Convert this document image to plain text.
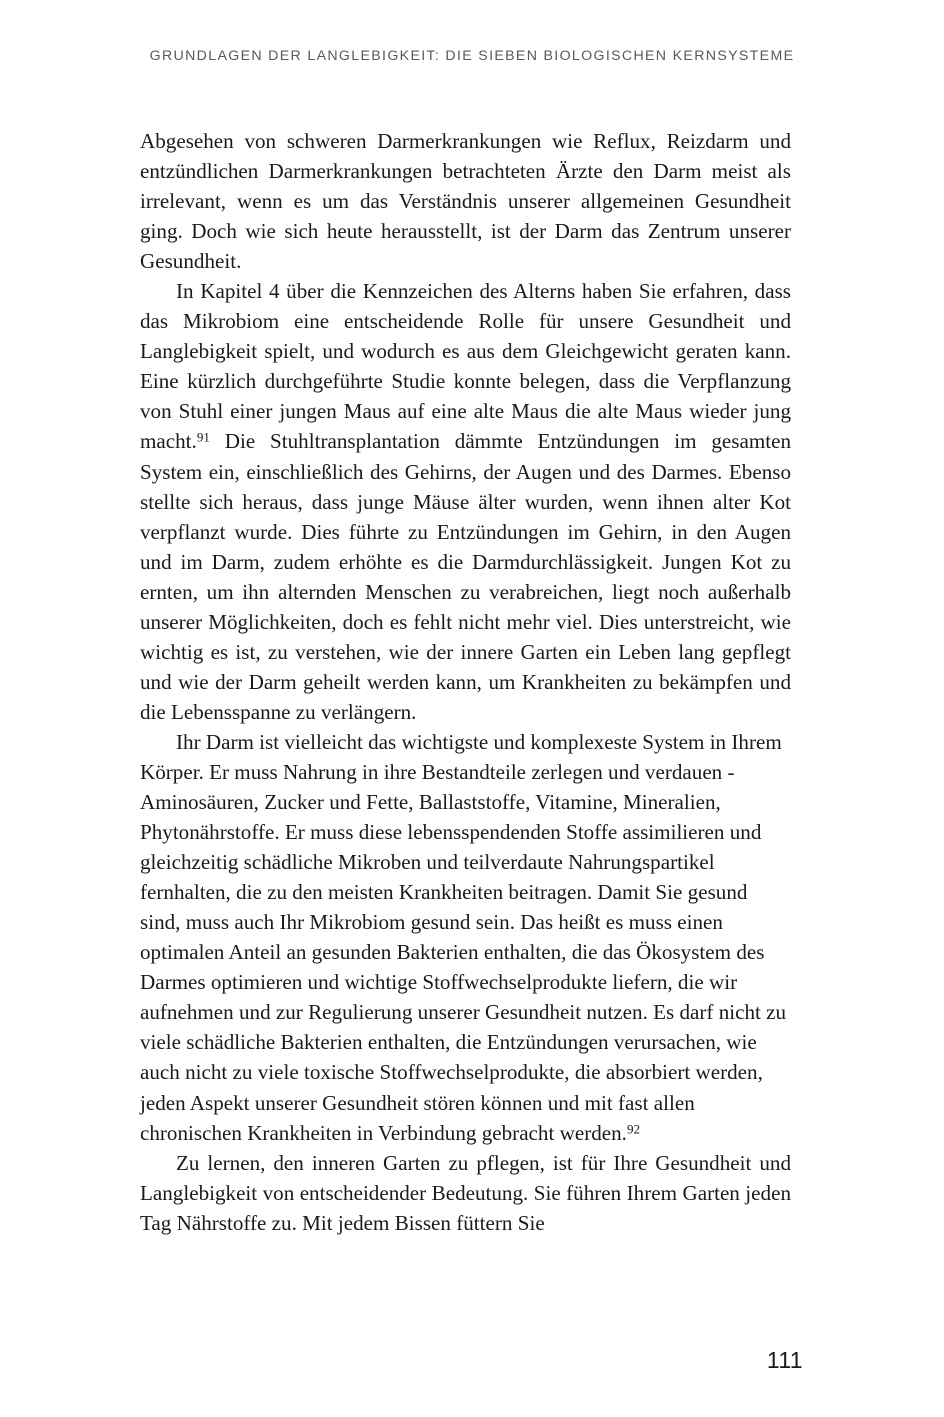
GRUNDLAGEN DER LANGLEBIGKEIT: DIE SIEBEN BIOLOGISCHEN KERNSYSTEME

Abgesehen von schweren Darmerkrankungen wie Reflux, Reizdarm und entzündlichen Darmerkrankungen betrachteten Ärzte den Darm meist als irrelevant, wenn es um das Verständnis unserer allgemeinen Gesundheit ging. Doch wie sich heute herausstellt, ist der Darm das Zentrum unserer Gesundheit.

In Kapitel 4 über die Kennzeichen des Alterns haben Sie erfahren, dass das Mikrobiom eine entscheidende Rolle für unsere Gesundheit und Langlebigkeit spielt, und wodurch es aus dem Gleichgewicht geraten kann. Eine kürzlich durchgeführte Studie konnte belegen, dass die Verpflanzung von Stuhl einer jungen Maus auf eine alte Maus die alte Maus wieder jung macht.$^{91}$ Die Stuhltransplantation dämmte Entzündungen im gesamten System ein, einschließlich des Gehirns, der Augen und des Darmes. Ebenso stellte sich heraus, dass junge Mäuse älter wurden, wenn ihnen alter Kot verpflanzt wurde. Dies führte zu Entzündungen im Gehirn, in den Augen und im Darm, zudem erhöhte es die Darmdurchlässigkeit. Jungen Kot zu ernten, um ihn alternden Menschen zu verabreichen, liegt noch außerhalb unserer Möglichkeiten, doch es fehlt nicht mehr viel. Dies unterstreicht, wie wichtig es ist, zu verstehen, wie der innere Garten ein Leben lang gepflegt und wie der Darm geheilt werden kann, um Krankheiten zu bekämpfen und die Lebensspanne zu verlängern.

Ihr Darm ist vielleicht das wichtigste und komplexeste System in Ihrem Körper. Er muss Nahrung in ihre Bestandteile zerlegen und verdauen - Aminosäuren, Zucker und Fette, Ballaststoffe, Vitamine, Mineralien, Phytonährstoffe. Er muss diese lebensspendenden Stoffe assimilieren und gleichzeitig schädliche Mikroben und teilverdaute Nahrungspartikel fernhalten, die zu den meisten Krankheiten beitragen. Damit Sie gesund sind, muss auch Ihr Mikrobiom gesund sein. Das heißt es muss einen optimalen Anteil an gesunden Bakterien enthalten, die das Ökosystem des Darmes optimieren und wichtige Stoffwechselprodukte liefern, die wir aufnehmen und zur Regulierung unserer Gesundheit nutzen. Es darf nicht zu viele schädliche Bakterien enthalten, die Entzündungen verursachen, wie auch nicht zu viele toxische Stoffwechselprodukte, die absorbiert werden, jeden Aspekt unserer Gesundheit stören können und mit fast allen chronischen Krankheiten in Verbindung gebracht werden.$^{92}$

Zu lernen, den inneren Garten zu pflegen, ist für Ihre Gesundheit und Langlebigkeit von entscheidender Bedeutung. Sie führen Ihrem Garten jeden Tag Nährstoffe zu. Mit jedem Bissen füttern Sie

111
